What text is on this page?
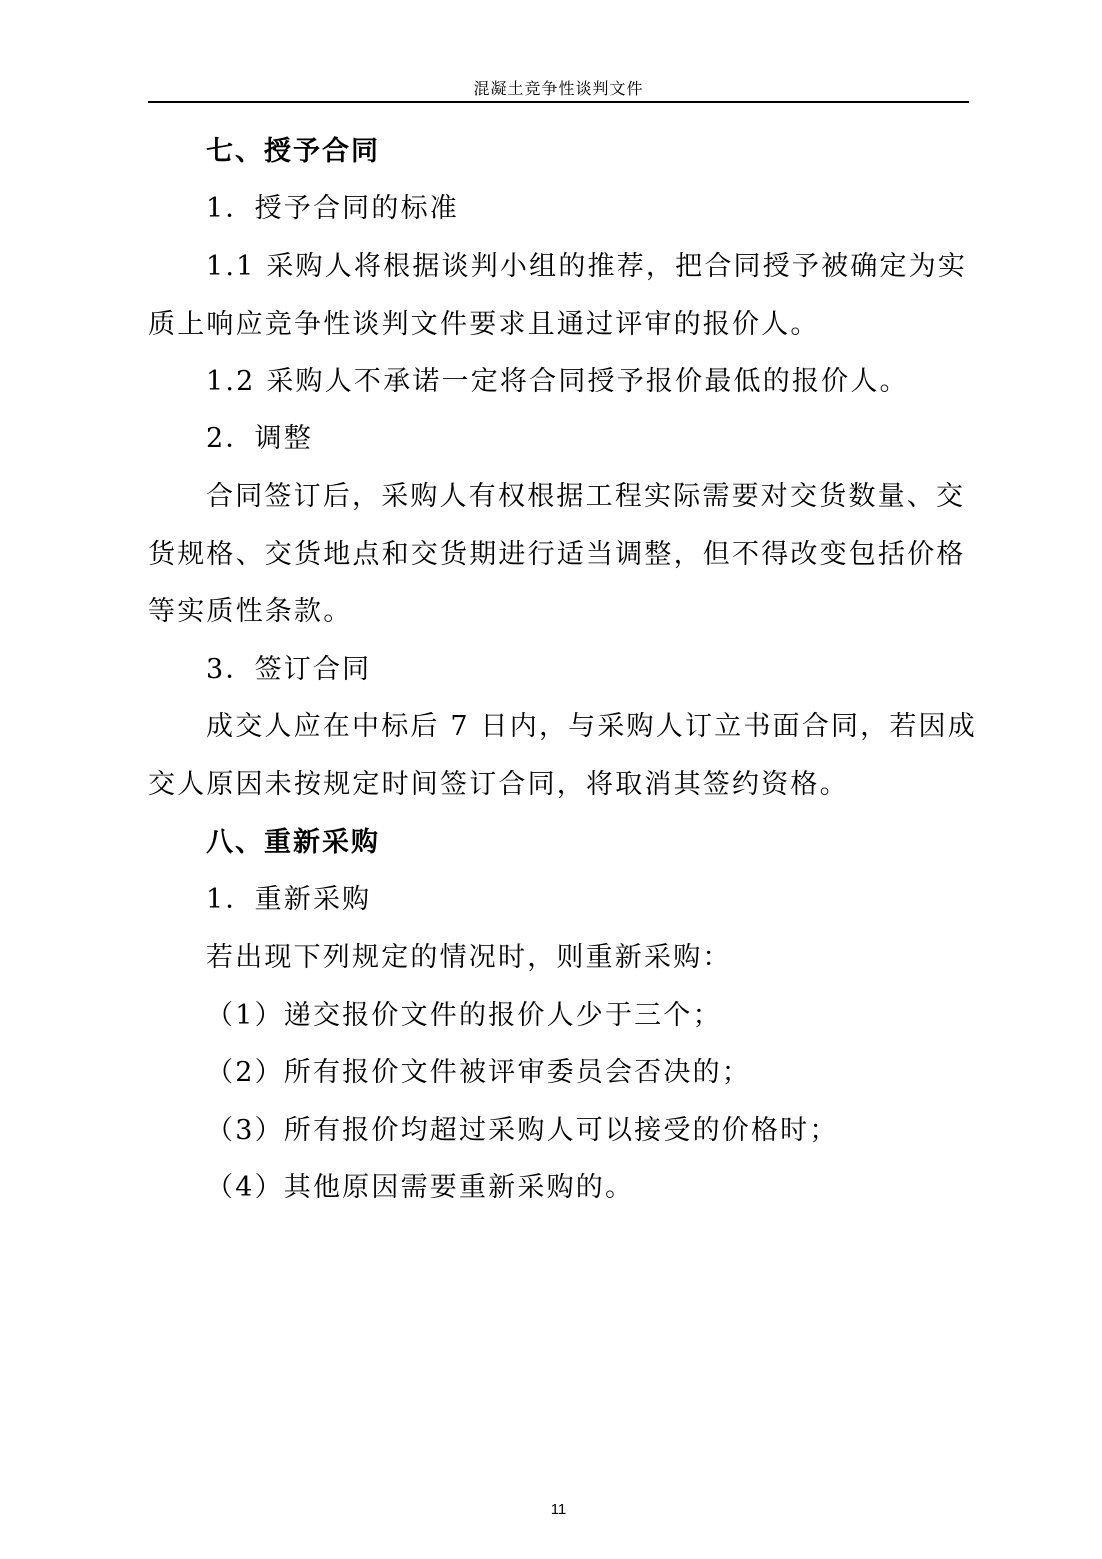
混凝土竞争性谈判文件
七、授予合同
1．授予合同的标准
1.1 采购人将根据谈判小组的推荐，把合同授予被确定为实
质上响应竞争性谈判文件要求且通过评审的报价人。
1.2 采购人不承诺一定将合同授予报价最低的报价人。
2．调整
合同签订后，采购人有权根据工程实际需要对交货数量、交
货规格、交货地点和交货期进行适当调整，但不得改变包括价格
等实质性条款。
3．签订合同
成交人应在中标后 7 日内，与采购人订立书面合同，若因成
交人原因未按规定时间签订合同，将取消其签约资格。
八、重新采购
1．重新采购
若出现下列规定的情况时，则重新采购：
（1）递交报价文件的报价人少于三个；
（2）所有报价文件被评审委员会否决的；
（3）所有报价均超过采购人可以接受的价格时；
（4）其他原因需要重新采购的。
11
